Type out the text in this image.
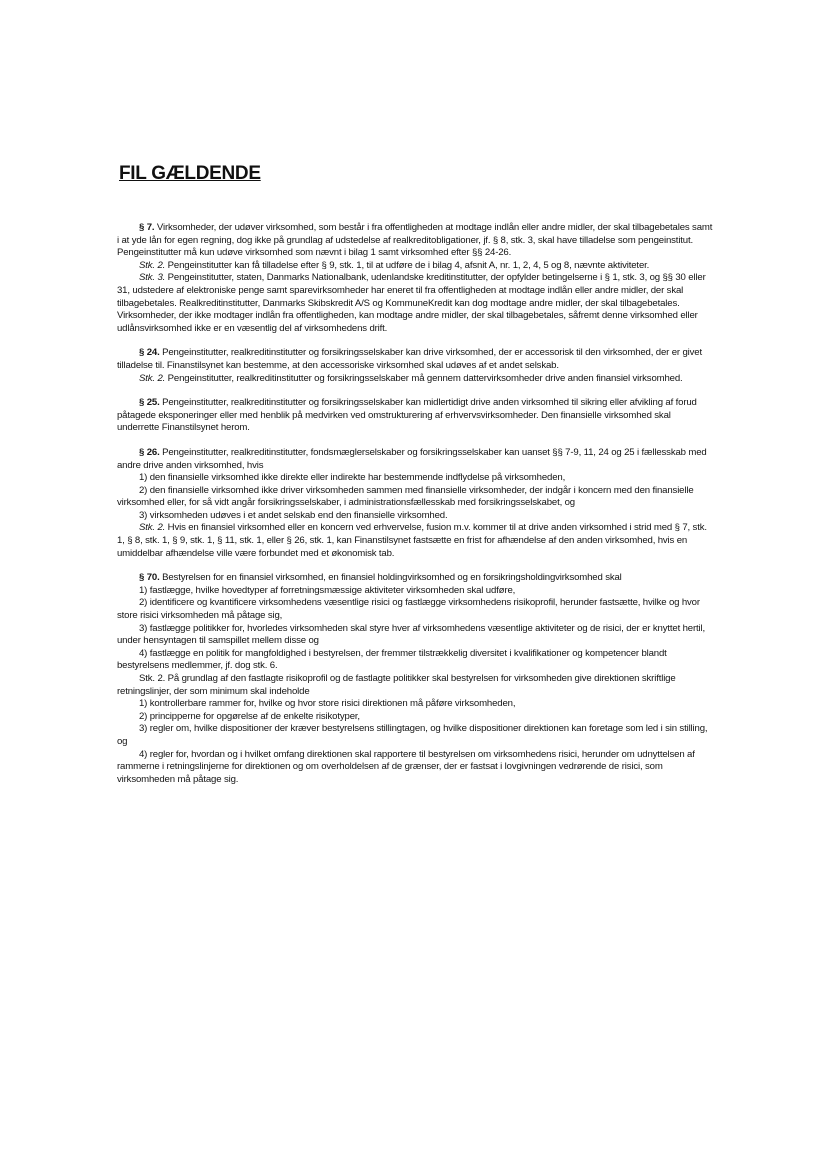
FIL GÆLDENDE

§ 7. Virksomheder, der udøver virksomhed, som består i fra offentligheden at modtage indlån eller andre midler, der skal tilbagebetales samt i at yde lån for egen regning, dog ikke på grundlag af udstedelse af realkreditobligationer, jf. § 8, stk. 3, skal have tilladelse som pengeinstitut. Pengeinstitutter må kun udøve virksomhed som nævnt i bilag 1 samt virksomhed efter §§ 24-26.

Stk. 2. Pengeinstitutter kan få tilladelse efter § 9, stk. 1, til at udføre de i bilag 4, afsnit A, nr. 1, 2, 4, 5 og 8, nævnte aktiviteter.

Stk. 3. Pengeinstitutter, staten, Danmarks Nationalbank, udenlandske kreditinstitutter, der opfylder betingelserne i § 1, stk. 3, og §§ 30 eller 31, udstedere af elektroniske penge samt sparevirksomheder har eneret til fra offentligheden at modtage indlån eller andre midler, der skal tilbagebetales. Realkreditinstitutter, Danmarks Skibskredit A/S og KommuneKredit kan dog modtage andre midler, der skal tilbagebetales. Virksomheder, der ikke modtager indlån fra offentligheden, kan modtage andre midler, der skal tilbagebetales, såfremt denne virksomhed eller udlånsvirksomhed ikke er en væsentlig del af virksomhedens drift.

§ 24. Pengeinstitutter, realkreditinstitutter og forsikringsselskaber kan drive virksomhed, der er accessorisk til den virksomhed, der er givet tilladelse til. Finanstilsynet kan bestemme, at den accessoriske virksomhed skal udøves af et andet selskab.

Stk. 2. Pengeinstitutter, realkreditinstitutter og forsikringsselskaber må gennem dattervirksomheder drive anden finansiel virksomhed.

§ 25. Pengeinstitutter, realkreditinstitutter og forsikringsselskaber kan midlertidigt drive anden virksomhed til sikring eller afvikling af forud påtagede eksponeringer eller med henblik på medvirken ved omstrukturering af erhvervsvirksomheder. Den finansielle virksomhed skal underrette Finanstilsynet herom.

§ 26. Pengeinstitutter, realkreditinstitutter, fondsmæglerselskaber og forsikringsselskaber kan uanset §§ 7-9, 11, 24 og 25 i fællesskab med andre drive anden virksomhed, hvis

1) den finansielle virksomhed ikke direkte eller indirekte har bestemmende indflydelse på virksomheden,

2) den finansielle virksomhed ikke driver virksomheden sammen med finansielle virksomheder, der indgår i koncern med den finansielle virksomhed eller, for så vidt angår forsikringsselskaber, i administrationsfællesskab med forsikringsselskabet, og

3) virksomheden udøves i et andet selskab end den finansielle virksomhed.

Stk. 2. Hvis en finansiel virksomhed eller en koncern ved erhvervelse, fusion m.v. kommer til at drive anden virksomhed i strid med § 7, stk. 1, § 8, stk. 1, § 9, stk. 1, § 11, stk. 1, eller § 26, stk. 1, kan Finanstilsynet fastsætte en frist for afhændelse af den anden virksomhed, hvis en umiddelbar afhændelse ville være forbundet med et økonomisk tab.

§ 70. Bestyrelsen for en finansiel virksomhed, en finansiel holdingvirksomhed og en forsikringsholdingvirksomhed skal

1) fastlægge, hvilke hovedtyper af forretningsmæssige aktiviteter virksomheden skal udføre,

2) identificere og kvantificere virksomhedens væsentlige risici og fastlægge virksomhedens risikoprofil, herunder fastsætte, hvilke og hvor store risici virksomheden må påtage sig,

3) fastlægge politikker for, hvorledes virksomheden skal styre hver af virksomhedens væsentlige aktiviteter og de risici, der er knyttet hertil, under hensyntagen til samspillet mellem disse og

4) fastlægge en politik for mangfoldighed i bestyrelsen, der fremmer tilstrækkelig diversitet i kvalifikationer og kompetencer blandt bestyrelsens medlemmer, jf. dog stk. 6.

Stk. 2. På grundlag af den fastlagte risikoprofil og de fastlagte politikker skal bestyrelsen for virksomheden give direktionen skriftlige retningslinjer, der som minimum skal indeholde

1) kontrollerbare rammer for, hvilke og hvor store risici direktionen må påføre virksomheden,

2) principperne for opgørelse af de enkelte risikotyper,

3) regler om, hvilke dispositioner der kræver bestyrelsens stillingtagen, og hvilke dispositioner direktionen kan foretage som led i sin stilling, og

4) regler for, hvordan og i hvilket omfang direktionen skal rapportere til bestyrelsen om virksomhedens risici, herunder om udnyttelsen af rammerne i retningslinjerne for direktionen og om overholdelsen af de grænser, der er fastsat i lovgivningen vedrørende de risici, som virksomheden må påtage sig.
